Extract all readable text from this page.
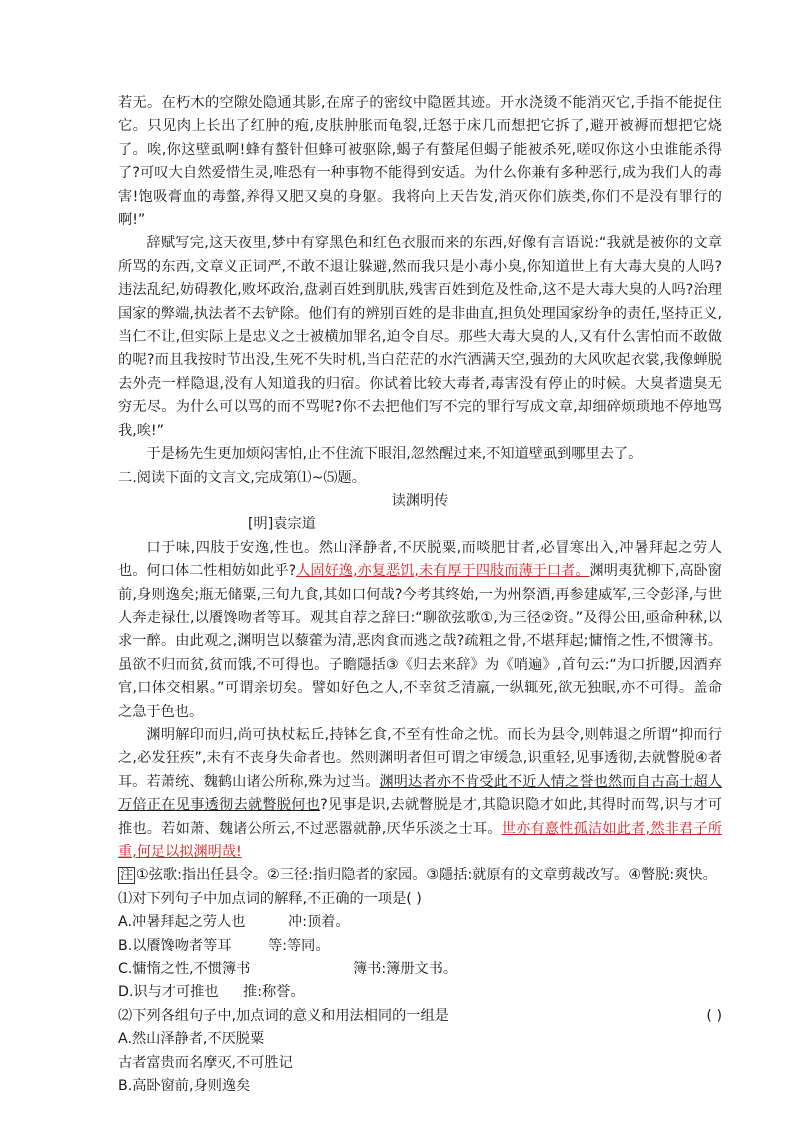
若无。在朽木的空隙处隐通其影,在席子的密纹中隐匿其迹。开水浇烫不能消灭它,手指不能捉住它。只见肉上长出了红肿的疱,皮肤肿胀而龟裂,迁怒于床几而想把它拆了,避开被褥而想把它烧了。唉,你这壁虱啊!蜂有螯针但蜂可被驱除,蝎子有螯尾但蝎子能被杀死,嗟叹你这小虫谁能杀得了?可叹大自然爱惜生灵,唯恐有一种事物不能得到安适。为什么你兼有多种恶行,成为我们人的毒害!饱吸膏血的毒螫,养得又肥又臭的身躯。我将向上天告发,消灭你们族类,你们不是没有罪行的啊!”

辞赋写完,这天夜里,梦中有穿黑色和红色衣服而来的东西,好像有言语说:“我就是被你的文章所骂的东西,文章义正词严,不敢不退让躲避,然而我只是小毒小臭,你知道世上有大毒大臭的人吗?违法乱纪,妨碍教化,败坏政治,盘剥百姓到肌肤,残害百姓到危及性命,这不是大毒大臭的人吗?治理国家的弊端,执法者不去铲除。他们有的辨别百姓的是非曲直,担负处理国家纷争的责任,坚持正义,当仁不让,但实际上是忠义之士被横加罪名,迫令自尽。那些大毒大臭的人,又有什么害怕而不敢做的呢?而且我按时节出没,生死不失时机,当白茫茫的水汽洒满天空,强劲的大风吹起衣裳,我像蝉脱去外壳一样隐退,没有人知道我的归宿。你试着比较大毒者,毒害没有停止的时候。大臭者遗臭无穷无尽。为什么可以骂的而不骂呢?你不去把他们写不完的罪行写成文章,却细碎烦琐地不停地骂我,唉!”

于是杨先生更加烦闷害怕,止不住流下眼泪,忽然醒过来,不知道壁虱到哪里去了。

二.阅读下面的文言文,完成第⑴~⑸题。

读渊明传

[明]袁宗道

口于味,四肢于安逸,性也。然山泽静者,不厌脱粟,而啖肥甘者,必冒寒出入,冲暑拜起之劳人也。何口体二性相妨如此乎?人固好逸,亦复恶饥,未有厚于四肢而薄于口者。渊明夷犹柳下,高卧窗前,身则逸矣;瓶无储粟,三旬九食,其如口何哉?今考其终始,一为州祭酒,再参建威军,三令彭泽,与世人奔走禄仕,以餍馋吻者等耳。观其自荐之辞曰:“聊欲弦歌①,为三径②资。”及得公田,亟命种秫,以求一醉。由此观之,渊明岂以藜藿为清,恶肉食而逃之哉?疏粗之骨,不堪拜起;慵惰之性,不惯簿书。虽欲不归而贫,贫而饿,不可得也。子瞻隱括③《归去来辞》为《哨遍》,首句云:“为口折腰,因酒弃官,口体交相累。”可谓亲切矣。譬如好色之人,不幸贫乏清羸,一纵辄死,欲无独眠,亦不可得。盖命之急于色也。

渊明解印而归,尚可执杖耘丘,持钵乞食,不至有性命之忧。而长为县令,则韩退之所谓“抑而行之,必发狂疾”,未有不丧身失命者也。然则渊明者但可谓之审缓急,识重轻,见事透彻,去就瞥脱④者耳。若萧统、魏鹤山诸公所称,殊为过当。渊明达者亦不肯受此不近人情之誉也然而自古高士超人万倍正在见事透彻去就瞥脱何也?见事是识,去就瞥脱是才,其隐识隐才如此,其得时而驾,识与才可推也。若如萧、魏诸公所云,不过恶嚣就静,厌华乐淡之士耳。世亦有憙性孤洁如此者,然非君子所重,何足以拟渊明哉!

注 ①弦歌:指出任县令。②三径:指归隐者的家园。③隱括:就原有的文章剪裁改写。④瞥脱:爽快。

⑴对下列句子中加点词的解释,不正确的一项是( )

A.冲暑拜起之劳人也	冲:顶着。
B.以餍馋吻者等耳	等:等同。
C.慵惰之性,不惯簿书	簿书:簿册文书。
D.识与才可推也	推:称誉。
⑵下列各组句子中,加点词的意义和用法相同的一组是	( )

A.然山泽静者,不厌脱粟

古者富贵而名摩灭,不可胜记

B.高卧窗前,身则逸矣
